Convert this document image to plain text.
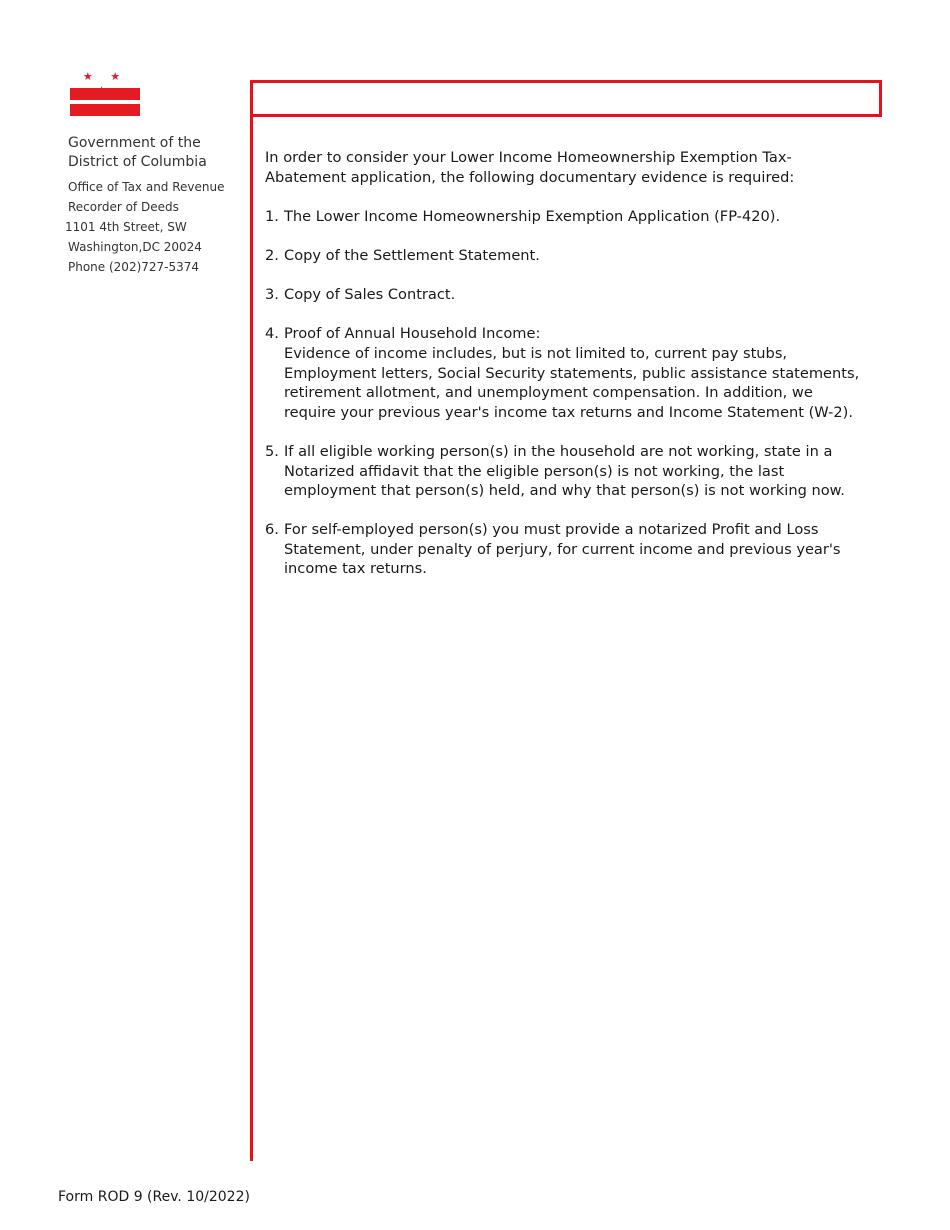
★ ★

Government of the

District of Columbia

Office of Tax and Revenue

Recorder of Deeds

1101 4th Street, SW

Washington,DC 20024

Phone (202)727-5374

In order to consider your Lower Income Homeownership Exemption Tax-Abatement application, the following documentary evidence is required:

1. The Lower Income Homeownership Exemption Application (FP-420).
2. Copy of the Settlement Statement.
3. Copy of Sales Contract.
4. Proof of Annual Household Income:
Evidence of income includes, but is not limited to, current pay stubs, Employment letters, Social Security statements, public assistance statements, retirement allotment, and unemployment compensation. In addition, we require your previous year's income tax returns and Income Statement (W-2).
5. If all eligible working person(s) in the household are not working, state in a Notarized affidavit that the eligible person(s) is not working, the last employment that person(s) held, and why that person(s) is not working now.
6. For self-employed person(s) you must provide a notarized Profit and Loss Statement, under penalty of perjury, for current income and previous year's income tax returns.
Form ROD 9 (Rev. 10/2022)
